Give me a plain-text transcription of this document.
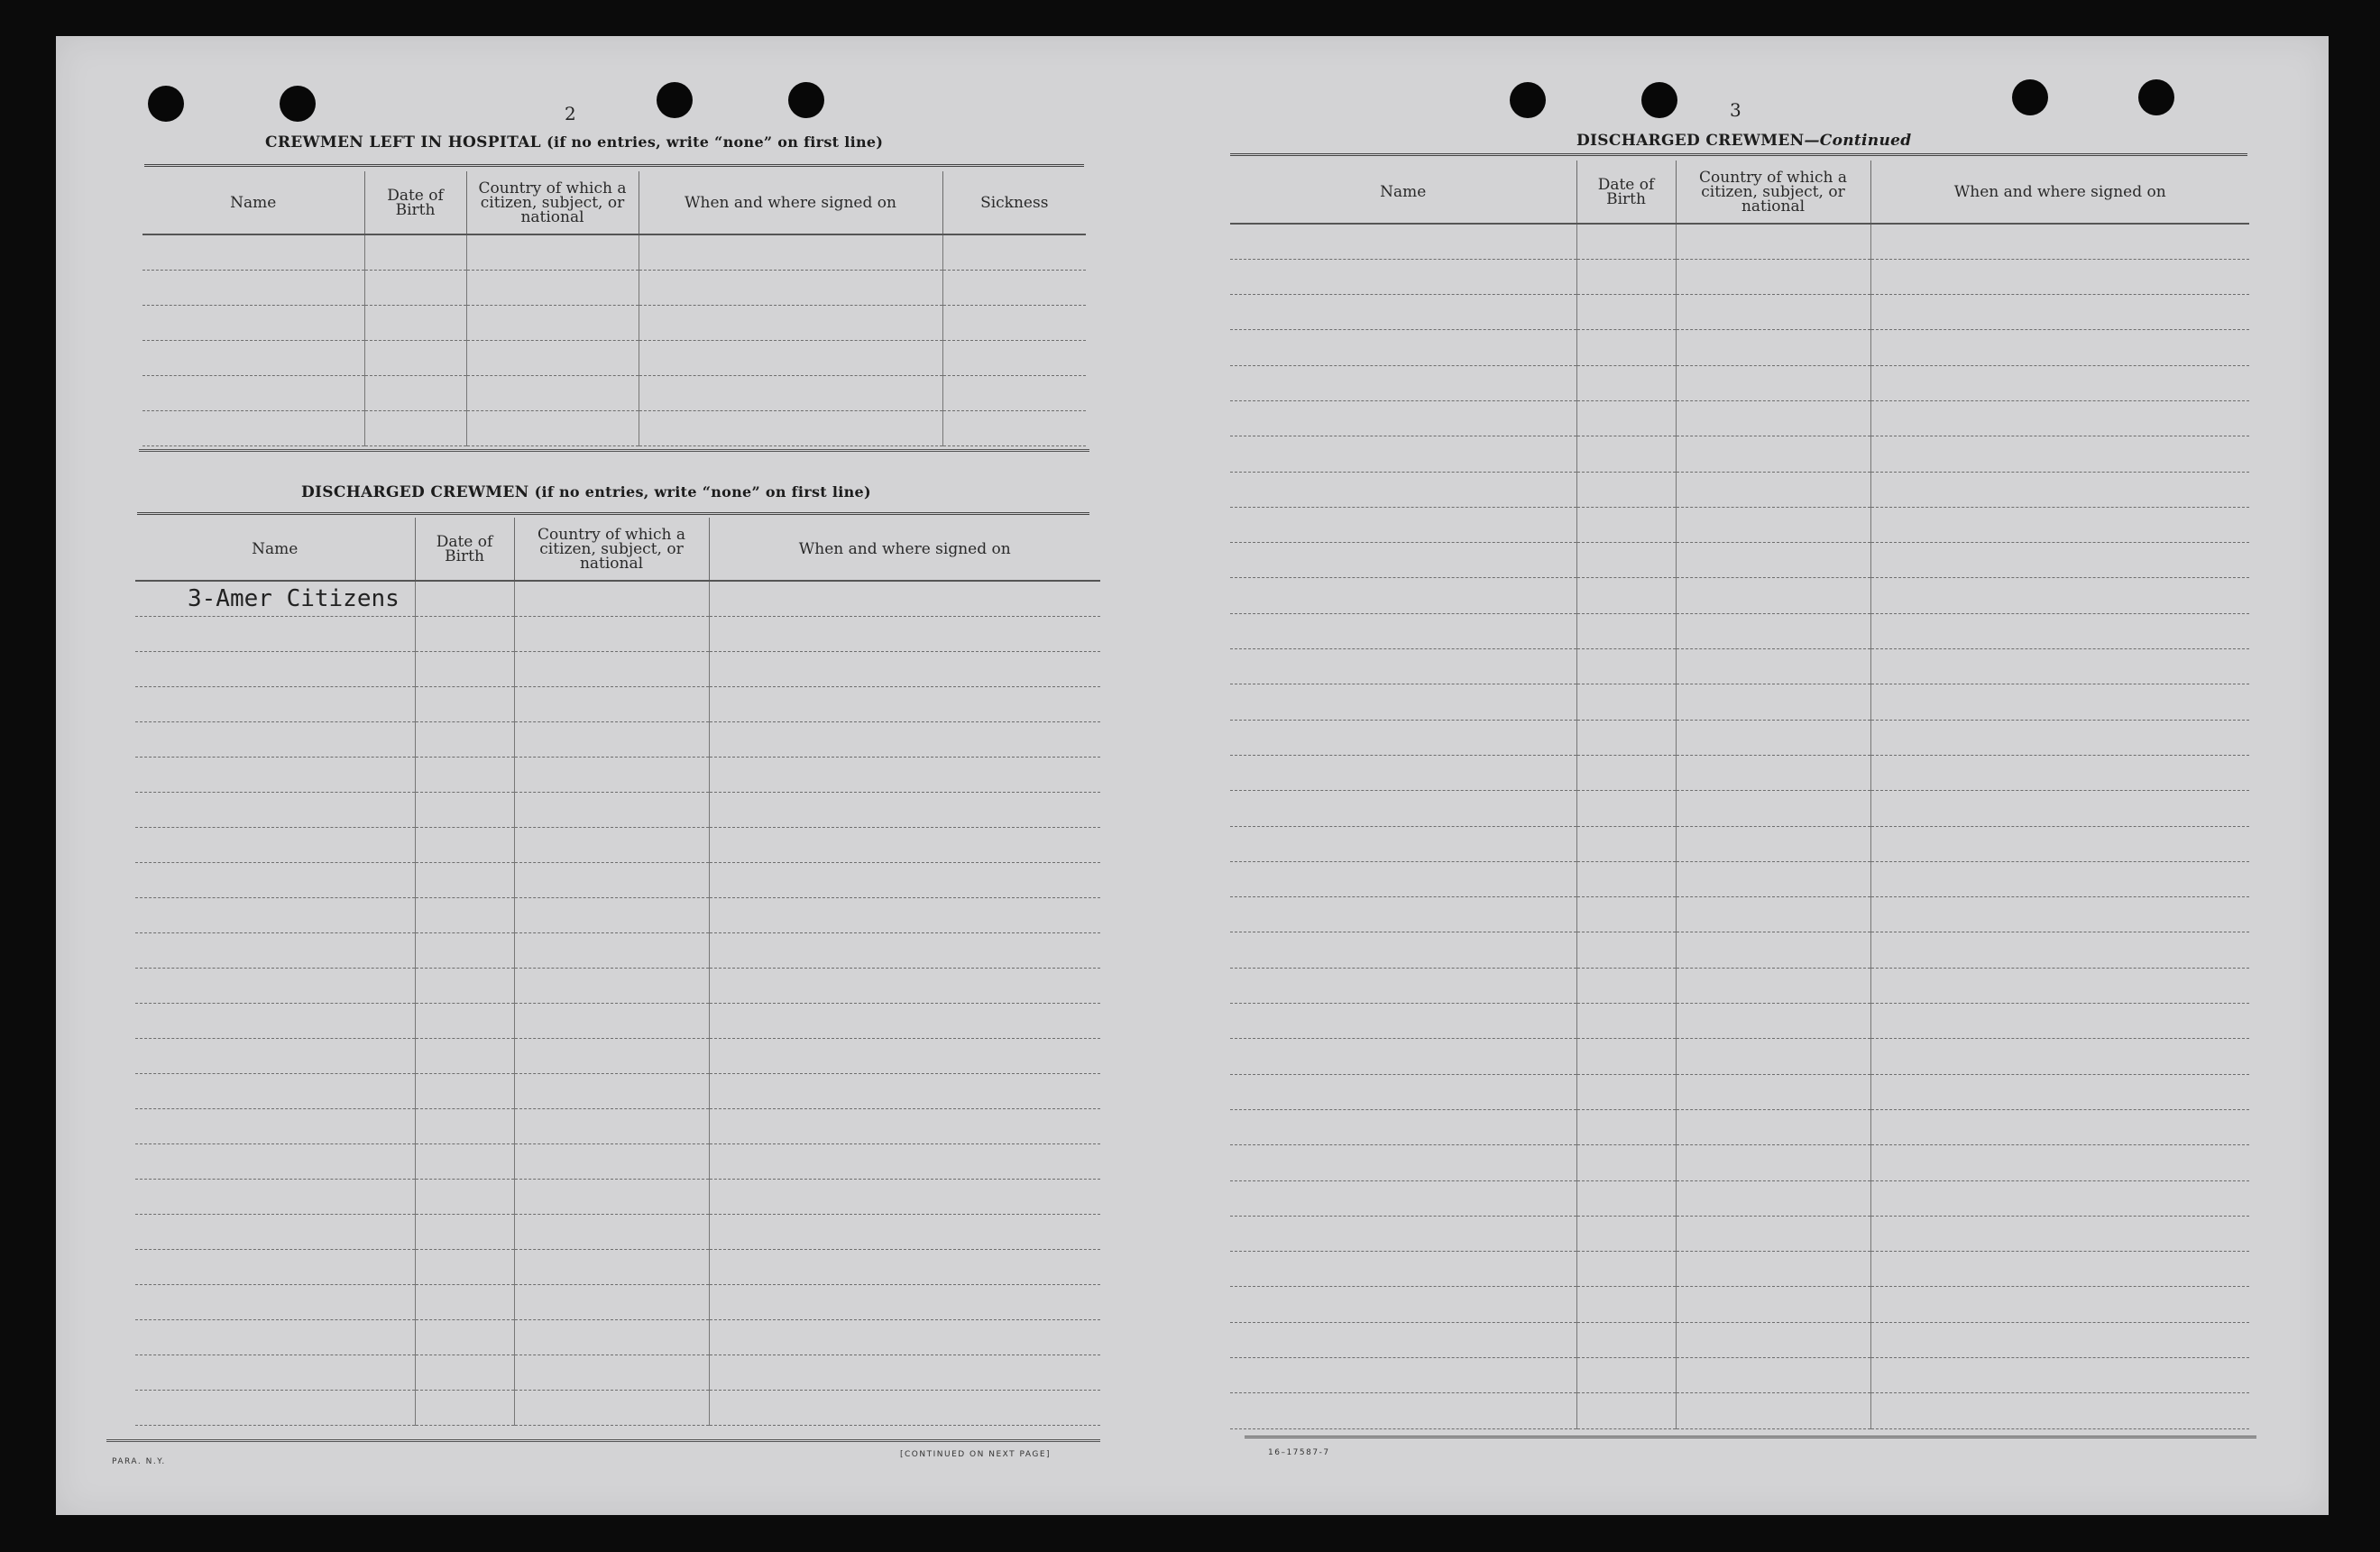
2
CREWMEN LEFT IN HOSPITAL (if no entries, write “none” on first line)
Name	Date of Birth	Country of which a citizen, subject, or national	When and where signed on	Sickness

DISCHARGED CREWMEN (if no entries, write “none” on first line)
Name	Date of Birth	Country of which a citizen, subject, or national	When and where signed on
3-Amer Citizens			

PARA. N.Y.
[CONTINUED ON NEXT PAGE]
3
DISCHARGED CREWMEN—Continued
Name	Date of Birth	Country of which a citizen, subject, or national	When and where signed on

16–17587-7
